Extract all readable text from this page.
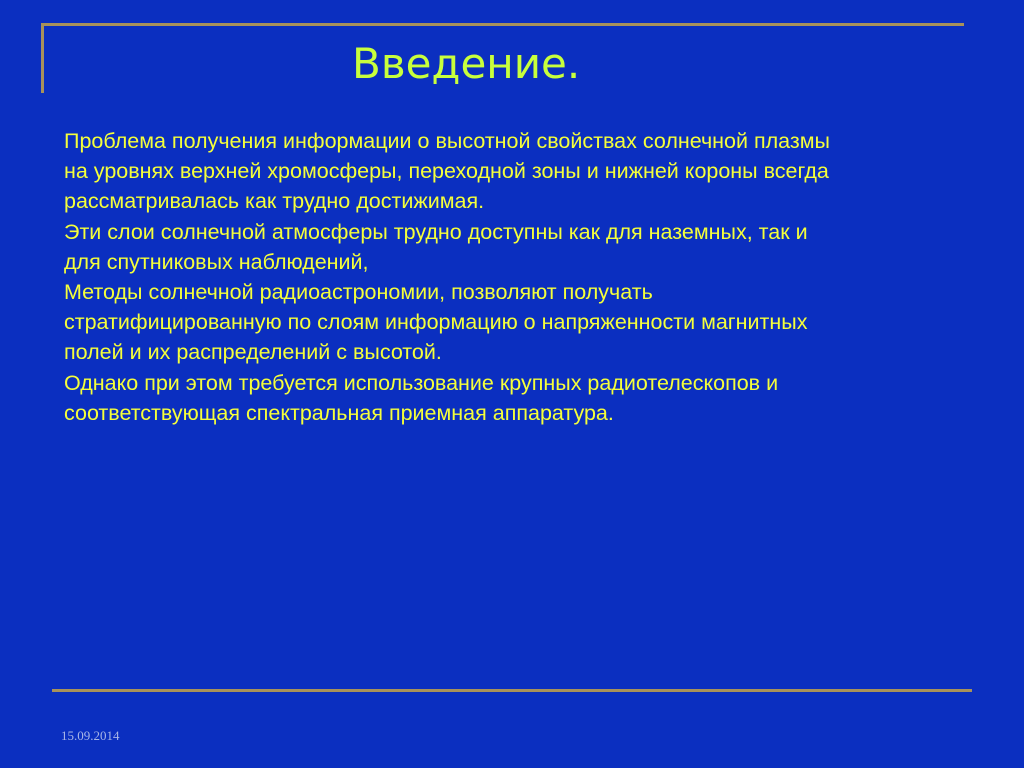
Введение.

Проблема получения информации о высотной свойствах солнечной плазмы

на уровнях верхней хромосферы, переходной зоны и нижней короны всегда

рассматривалась как трудно достижимая.

Эти слои солнечной атмосферы трудно доступны как для наземных, так и

для спутниковых наблюдений,

Методы солнечной радиоастрономии, позволяют получать

стратифицированную по слоям информацию о напряженности магнитных

полей и их распределений с высотой.

Однако при этом требуется использование крупных радиотелескопов и

соответствующая спектральная приемная аппаратура.

15.09.2014
